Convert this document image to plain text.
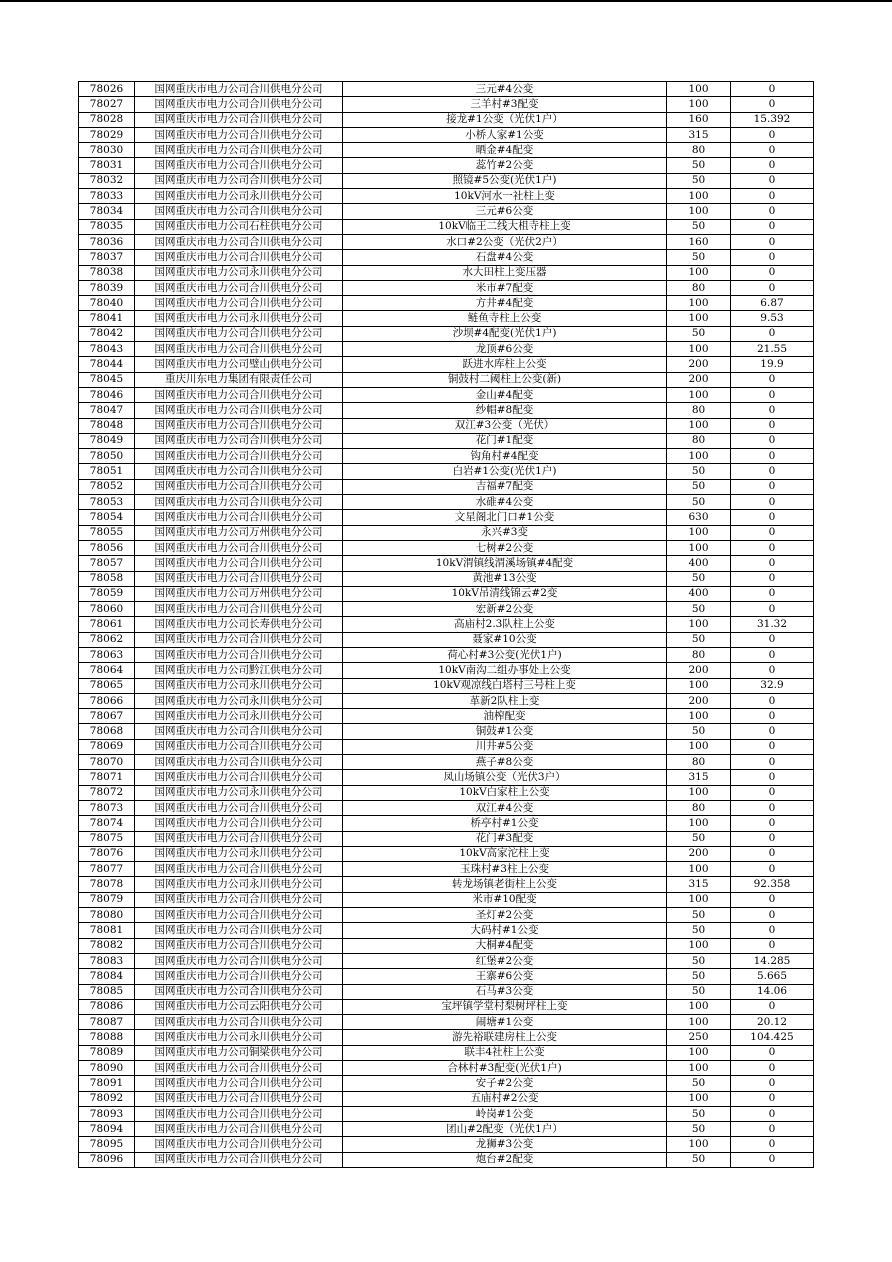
78026	国网重庆市电力公司合川供电分公司	三元#4公变	100	0
78027	国网重庆市电力公司合川供电分公司	三羊村#3配变	100	0
78028	国网重庆市电力公司合川供电分公司	接龙#1公变（光伏1户）	160	15.392
78029	国网重庆市电力公司合川供电分公司	小桥人家#1公变	315	0
78030	国网重庆市电力公司合川供电分公司	晒金#4配变	80	0
78031	国网重庆市电力公司合川供电分公司	蕊竹#2公变	50	0
78032	国网重庆市电力公司合川供电分公司	照镜#5公变(光伏1户)	50	0
78033	国网重庆市电力公司永川供电分公司	10kV河水一社柱上变	100	0
78034	国网重庆市电力公司合川供电分公司	三元#6公变	100	0
78035	国网重庆市电力公司石柱供电分公司	10kV临王二线大柤寺柱上变	50	0
78036	国网重庆市电力公司合川供电分公司	水口#2公变（光伏2户）	160	0
78037	国网重庆市电力公司合川供电分公司	石盘#4公变	50	0
78038	国网重庆市电力公司永川供电分公司	水大田柱上变压器	100	0
78039	国网重庆市电力公司合川供电分公司	米市#7配变	80	0
78040	国网重庆市电力公司合川供电分公司	方井#4配变	100	6.87
78041	国网重庆市电力公司永川供电分公司	鲢鱼寺柱上公变	100	9.53
78042	国网重庆市电力公司合川供电分公司	沙坝#4配变(光伏1户)	50	0
78043	国网重庆市电力公司合川供电分公司	龙顶#6公变	100	21.55
78044	国网重庆市电力公司璧山供电分公司	跃进水库柱上公变	200	19.9
78045	重庆川东电力集团有限责任公司	铜鼓村二阈柱上公变(新)	200	0
78046	国网重庆市电力公司合川供电分公司	金山#4配变	100	0
78047	国网重庆市电力公司合川供电分公司	纱帽#8配变	80	0
78048	国网重庆市电力公司合川供电分公司	双江#3公变（光伏）	100	0
78049	国网重庆市电力公司合川供电分公司	花门#1配变	80	0
78050	国网重庆市电力公司合川供电分公司	钩角村#4配变	100	0
78051	国网重庆市电力公司合川供电分公司	白岩#1公变(光伏1户)	50	0
78052	国网重庆市电力公司合川供电分公司	吉福#7配变	50	0
78053	国网重庆市电力公司合川供电分公司	水碓#4公变	50	0
78054	国网重庆市电力公司合川供电分公司	文星阁北门口#1公变	630	0
78055	国网重庆市电力公司万州供电分公司	永兴#3变	100	0
78056	国网重庆市电力公司合川供电分公司	七树#2公变	100	0
78057	国网重庆市电力公司合川供电分公司	10kV渭镇线渭溪场镇#4配变	400	0
78058	国网重庆市电力公司合川供电分公司	黄池#13公变	50	0
78059	国网重庆市电力公司万州供电分公司	10kV吊清线锦云#2变	400	0
78060	国网重庆市电力公司合川供电分公司	宏新#2公变	50	0
78061	国网重庆市电力公司长寿供电分公司	高庙村2.3队柱上公变	100	31.32
78062	国网重庆市电力公司合川供电分公司	聂家#10公变	50	0
78063	国网重庆市电力公司合川供电分公司	荷心村#3公变(光伏1户)	80	0
78064	国网重庆市电力公司黔江供电分公司	10kV南沟二组办事处上公变	200	0
78065	国网重庆市电力公司永川供电分公司	10kV观凉线白塔村三号柱上变	100	32.9
78066	国网重庆市电力公司永川供电分公司	革新2队柱上变	200	0
78067	国网重庆市电力公司永川供电分公司	油榨配变	100	0
78068	国网重庆市电力公司合川供电分公司	铜鼓#1公变	50	0
78069	国网重庆市电力公司合川供电分公司	川井#5公变	100	0
78070	国网重庆市电力公司合川供电分公司	燕子#8公变	80	0
78071	国网重庆市电力公司合川供电分公司	凤山场镇公变（光伏3户）	315	0
78072	国网重庆市电力公司永川供电分公司	10kV白家柱上公变	100	0
78073	国网重庆市电力公司合川供电分公司	双江#4公变	80	0
78074	国网重庆市电力公司合川供电分公司	桥亭村#1公变	100	0
78075	国网重庆市电力公司合川供电分公司	花门#3配变	50	0
78076	国网重庆市电力公司永川供电分公司	10kV高家沱柱上变	200	0
78077	国网重庆市电力公司合川供电分公司	玉珠村#3柱上公变	100	0
78078	国网重庆市电力公司永川供电分公司	转龙场镇老街柱上公变	315	92.358
78079	国网重庆市电力公司合川供电分公司	米市#10配变	100	0
78080	国网重庆市电力公司合川供电分公司	圣灯#2公变	50	0
78081	国网重庆市电力公司合川供电分公司	大码村#1公变	50	0
78082	国网重庆市电力公司合川供电分公司	大桐#4配变	100	0
78083	国网重庆市电力公司合川供电分公司	红堡#2公变	50	14.285
78084	国网重庆市电力公司合川供电分公司	王寨#6公变	50	5.665
78085	国网重庆市电力公司合川供电分公司	石马#3公变	50	14.06
78086	国网重庆市电力公司云阳供电分公司	宝坪镇学堂村梨树坪柱上变	100	0
78087	国网重庆市电力公司合川供电分公司	闹塘#1公变	100	20.12
78088	国网重庆市电力公司永川供电分公司	游先裕联建房柱上公变	250	104.425
78089	国网重庆市电力公司铜梁供电分公司	联丰4社柱上公变	100	0
78090	国网重庆市电力公司合川供电分公司	合林村#3配变(光伏1户)	100	0
78091	国网重庆市电力公司合川供电分公司	安子#2公变	50	0
78092	国网重庆市电力公司合川供电分公司	五庙村#2公变	100	0
78093	国网重庆市电力公司合川供电分公司	岭岗#1公变	50	0
78094	国网重庆市电力公司合川供电分公司	团山#2配变（光伏1户）	50	0
78095	国网重庆市电力公司合川供电分公司	龙狮#3公变	100	0
78096	国网重庆市电力公司合川供电分公司	炮台#2配变	50	0
